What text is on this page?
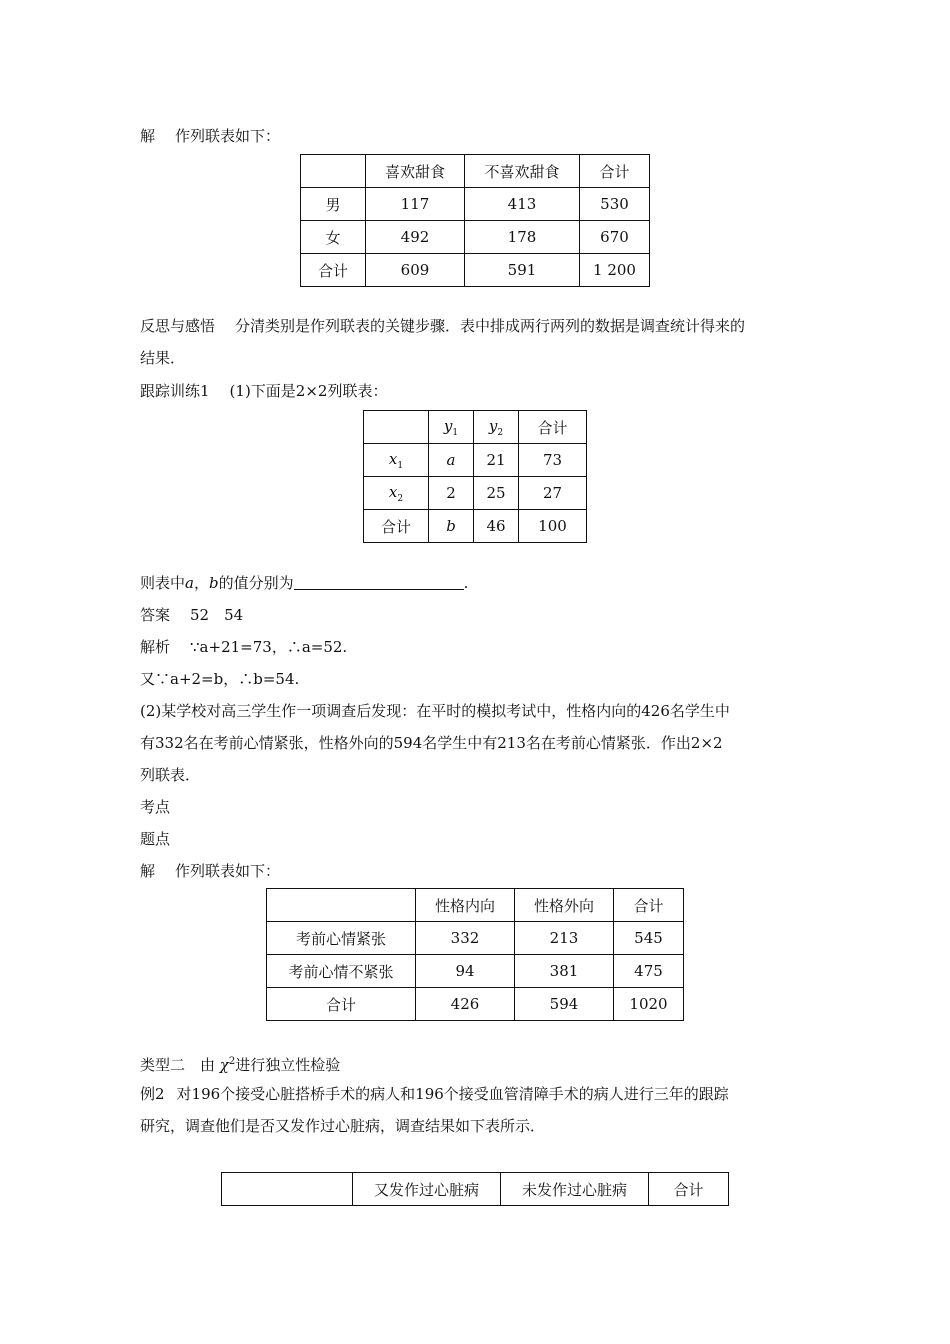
解 作列联表如下：
	喜欢甜食	不喜欢甜食	合计
男	117	413	530
女	492	178	670
合计	609	591	1 200
反思与感悟 分清类别是作列联表的关键步骤．表中排成两行两列的数据是调查统计得来的
结果．
跟踪训练1 (1)下面是2×2列联表：
	$y_1$	$y_2$	合计
$x_1$	a	21	73
$x_2$	2	25	27
合计	b	46	100
则表中a，b的值分别为	.
答案 52　54
解析 ∵a+21=73，∴a=52.
又∵a+2=b，∴b=54.
(2)某学校对高三学生作一项调查后发现：在平时的模拟考试中，性格内向的426名学生中
有332名在考前心情紧张，性格外向的594名学生中有213名在考前心情紧张．作出2×2
列联表．
考点
题点
解 作列联表如下：
	性格内向	性格外向	合计
考前心情紧张	332	213	545
考前心情不紧张	94	381	475
合计	426	594	1020
类型二　由 $\chi^2$进行独立性检验
例2 对196个接受心脏搭桥手术的病人和196个接受血管清障手术的病人进行三年的跟踪
研究，调查他们是否又发作过心脏病，调查结果如下表所示．
	又发作过心脏病	未发作过心脏病	合计
